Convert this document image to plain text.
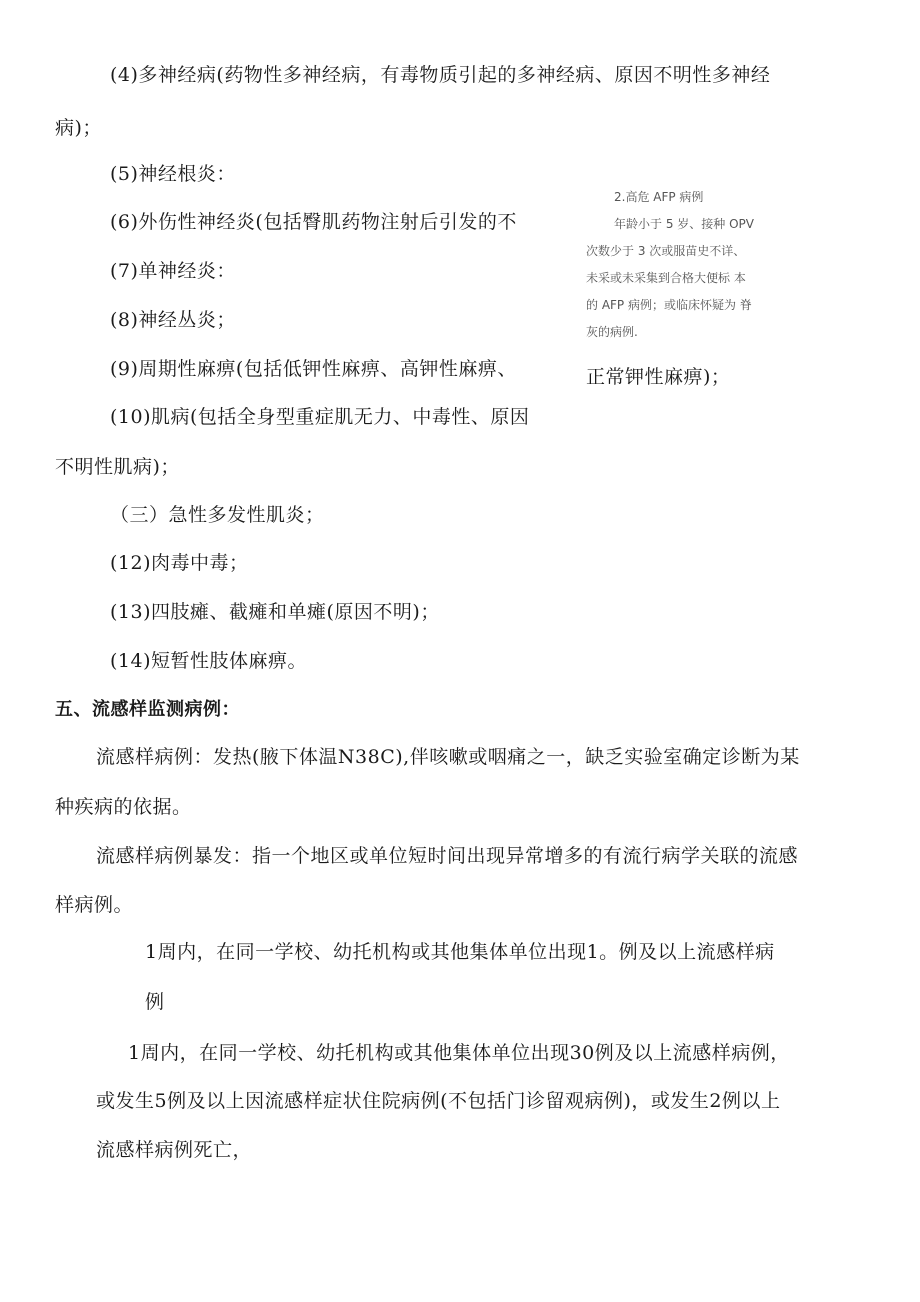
(4)多神经病(药物性多神经病，有毒物质引起的多神经病、原因不明性多神经
病)；
(5)神经根炎：
(6)外伤性神经炎(包括臀肌药物注射后引发的不
(7)单神经炎：
(8)神经丛炎；
(9)周期性麻痹(包括低钾性麻痹、高钾性麻痹、	正常钾性麻痹)；
(10)肌病(包括全身型重症肌无力、中毒性、原因
不明性肌病)；
（三）急性多发性肌炎；
(12)肉毒中毒；
(13)四肢瘫、截瘫和单瘫(原因不明)；
(14)短暂性肢体麻痹。
五、流感样监测病例：
流感样病例：发热(腋下体温N38C),伴咳嗽或咽痛之一，缺乏实验室确定诊断为某
种疾病的依据。
流感样病例暴发：指一个地区或单位短时间出现异常增多的有流行病学关联的流感
样病例。
1周内，在同一学校、幼托机构或其他集体单位出现1。例及以上流感样病
例
1周内，在同一学校、幼托机构或其他集体单位出现30例及以上流感样病例，
或发生5例及以上因流感样症状住院病例(不包括门诊留观病例)，或发生2例以上
流感样病例死亡，
2.高危 AFP 病例
年龄小于 5 岁、接种 OPV
次数少于 3 次或服苗史不详、
未采或未采集到合格大便标 本
的 AFP 病例；或临床怀疑为 脊
灰的病例.
